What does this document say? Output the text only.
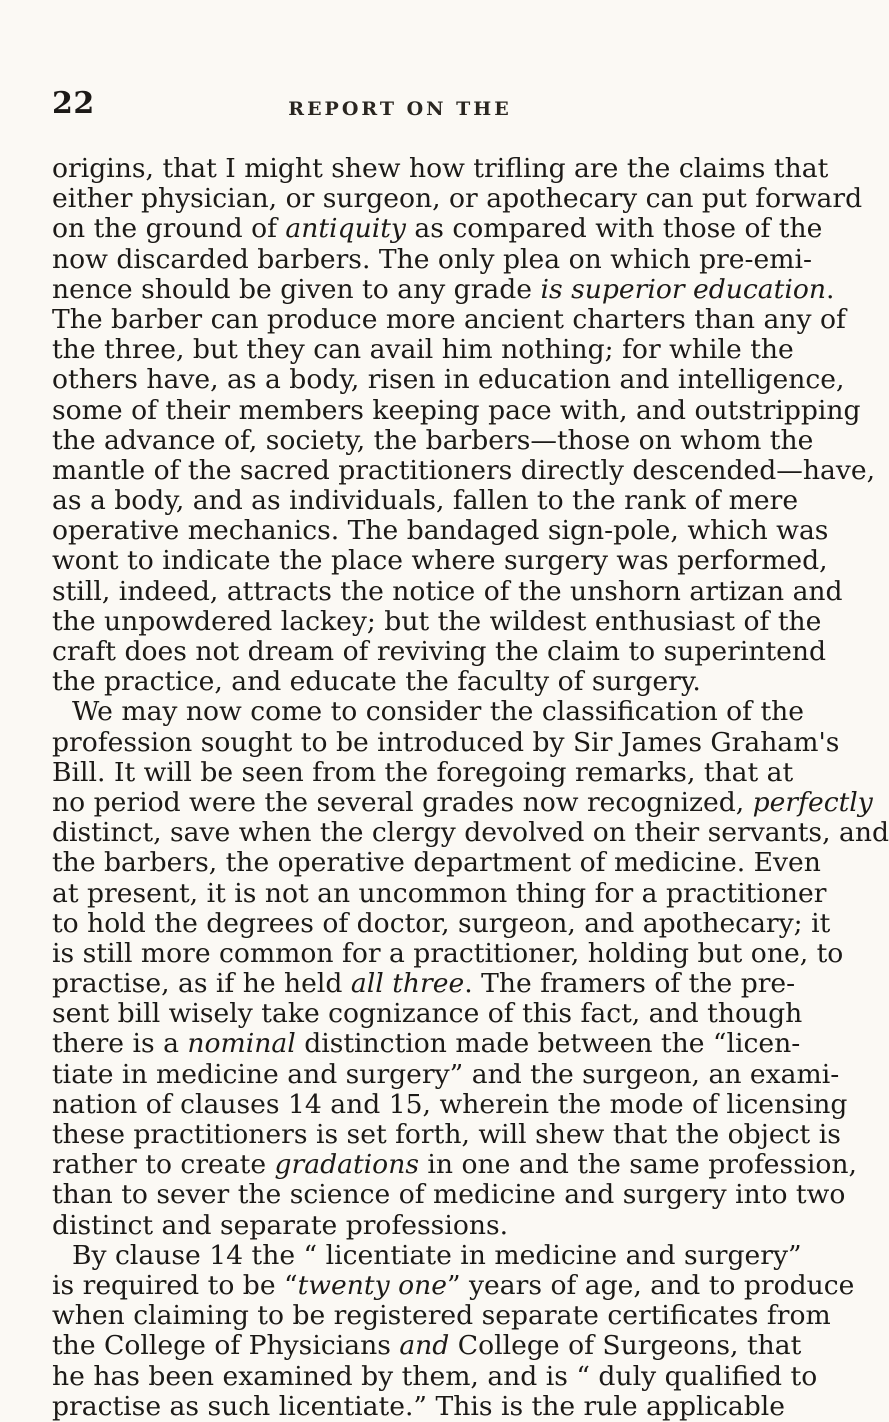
22	REPORT ON THE
origins, that I might shew how trifling are the claims that
either physician, or surgeon, or apothecary can put forward
on the ground of antiquity as compared with those of the
now discarded barbers. The only plea on which pre-emi-
nence should be given to any grade is superior education.
The barber can produce more ancient charters than any of
the three, but they can avail him nothing; for while the
others have, as a body, risen in education and intelligence,
some of their members keeping pace with, and outstripping
the advance of, society, the barbers—those on whom the
mantle of the sacred practitioners directly descended—have,
as a body, and as individuals, fallen to the rank of mere
operative mechanics. The bandaged sign-pole, which was
wont to indicate the place where surgery was performed,
still, indeed, attracts the notice of the unshorn artizan and
the unpowdered lackey; but the wildest enthusiast of the
craft does not dream of reviving the claim to superintend
the practice, and educate the faculty of surgery.
We may now come to consider the classification of the
profession sought to be introduced by Sir James Graham's
Bill. It will be seen from the foregoing remarks, that at
no period were the several grades now recognized, perfectly
distinct, save when the clergy devolved on their servants, and
the barbers, the operative department of medicine. Even
at present, it is not an uncommon thing for a practitioner
to hold the degrees of doctor, surgeon, and apothecary; it
is still more common for a practitioner, holding but one, to
practise, as if he held all three. The framers of the pre-
sent bill wisely take cognizance of this fact, and though
there is a nominal distinction made between the “licen-
tiate in medicine and surgery” and the surgeon, an exami-
nation of clauses 14 and 15, wherein the mode of licensing
these practitioners is set forth, will shew that the object is
rather to create gradations in one and the same profession,
than to sever the science of medicine and surgery into two
distinct and separate professions.
By clause 14 the “ licentiate in medicine and surgery”
is required to be “twenty one” years of age, and to produce
when claiming to be registered separate certificates from
the College of Physicians and College of Surgeons, that
he has been examined by them, and is “ duly qualified to
practise as such licentiate.” This is the rule applicable
